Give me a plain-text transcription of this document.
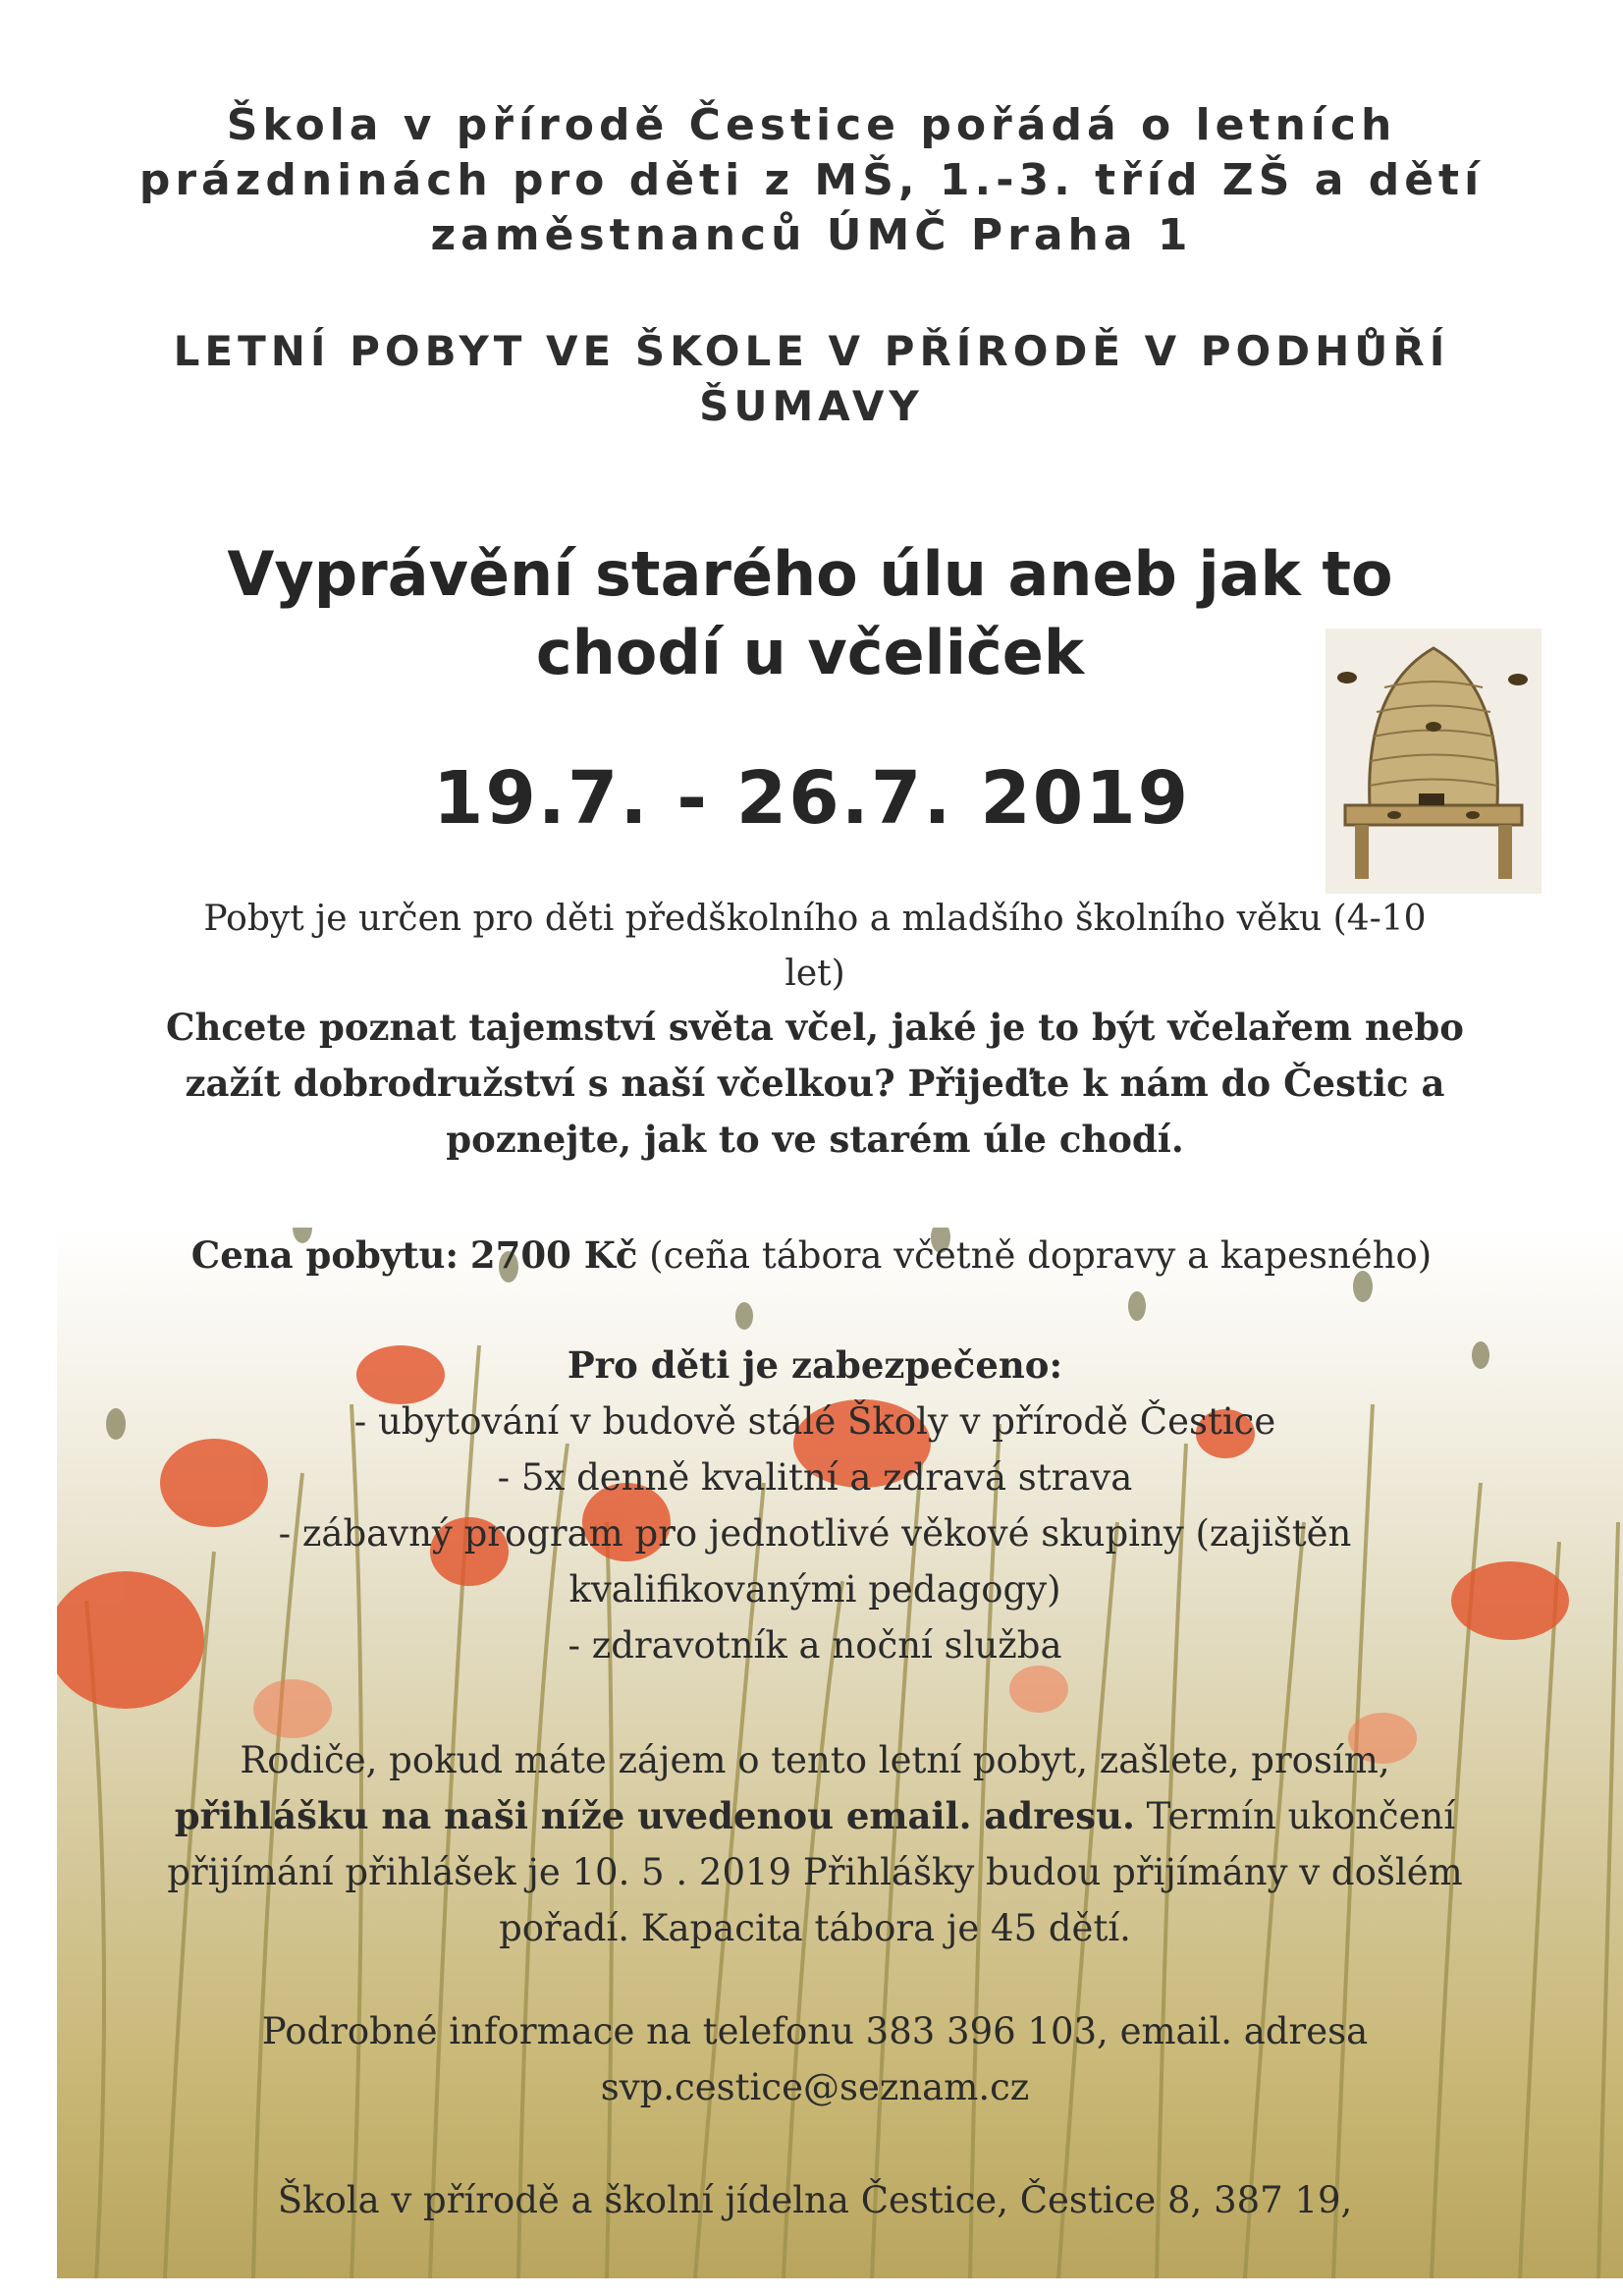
Škola v přírodě Čestice pořádá o letních
prázdninách pro děti z MŠ, 1.-3. tříd ZŠ a dětí
zaměstnanců ÚMČ Praha 1
LETNÍ POBYT VE ŠKOLE V PŘÍRODĚ V PODHŮŘÍ
ŠUMAVY
Vyprávění starého úlu aneb jak to
chodí u včeliček
19.7. - 26.7. 2019
Pobyt je určen pro děti předškolního a mladšího školního věku (4-10
let)
Chcete poznat tajemství světa včel, jaké je to být včelařem nebo
zažít dobrodružství s naší včelkou? Přijeďte k nám do Čestic a
poznejte, jak to ve starém úle chodí.
Cena pobytu: 2700 Kč (ceña tábora včetně dopravy a kapesného)
Pro děti je zabezpečeno:
- ubytování v budově stálé Školy v přírodě Čestice
- 5x denně kvalitní a zdravá strava
- zábavný program pro jednotlivé věkové skupiny (zajištěn
kvalifikovanými pedagogy)
- zdravotník a noční služba
Rodiče, pokud máte zájem o tento letní pobyt, zašlete, prosím,
přihlášku na naši níže uvedenou email. adresu. Termín ukončení
přijímání přihlášek je 10. 5 . 2019 Přihlášky budou přijímány v došlém
pořadí. Kapacita tábora je 45 dětí.
Podrobné informace na telefonu 383 396 103, email. adresa
svp.cestice@seznam.cz
Škola v přírodě a školní jídelna Čestice, Čestice 8, 387 19,
